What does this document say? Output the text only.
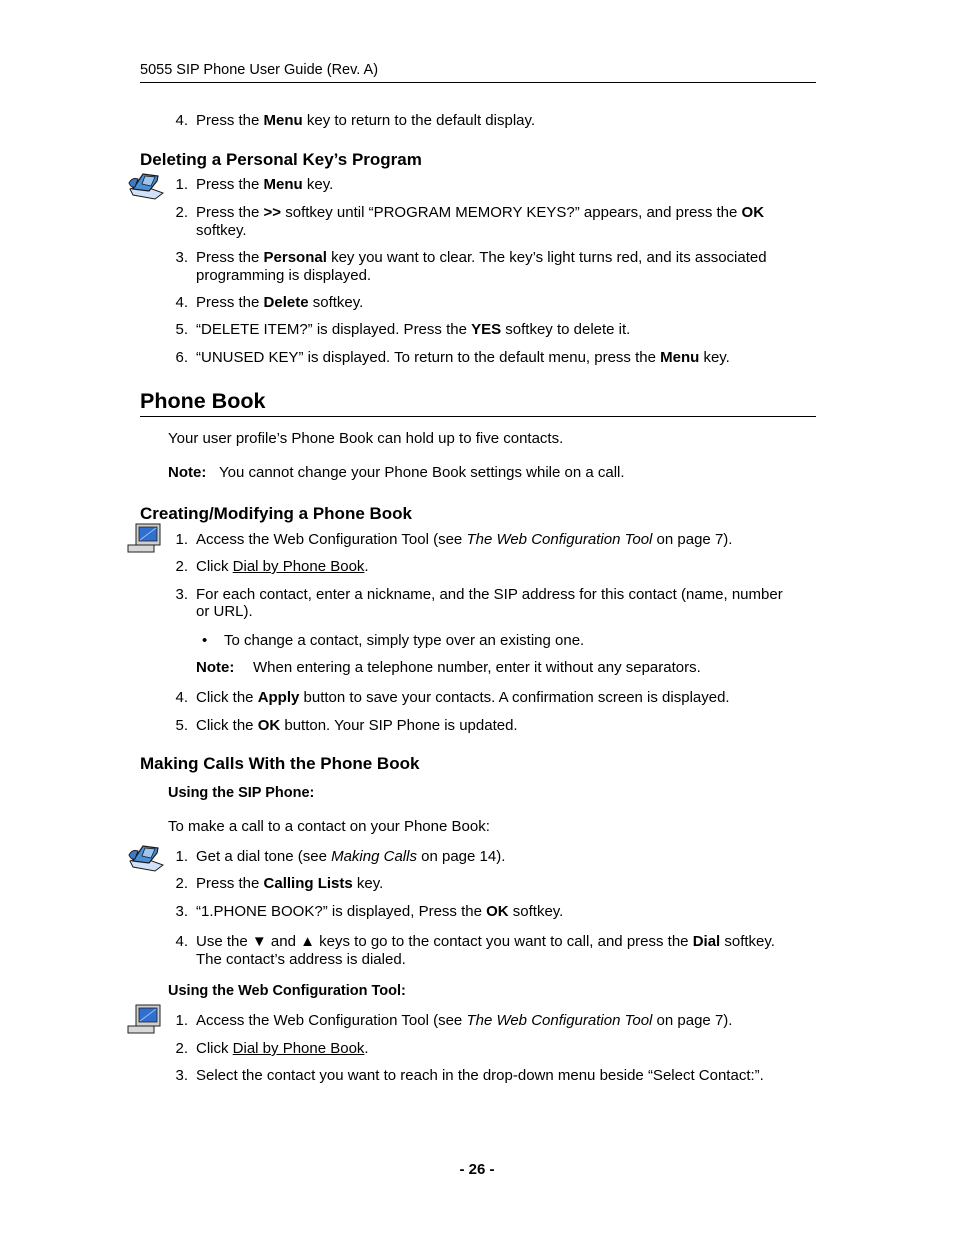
5055 SIP Phone User Guide (Rev. A)
4. Press the Menu key to return to the default display.
Deleting a Personal Key’s Program
1. Press the Menu key.
2. Press the >> softkey until “PROGRAM MEMORY KEYS?” appears, and press the OK
softkey.
3. Press the Personal key you want to clear. The key’s light turns red, and its associated
programming is displayed.
4. Press the Delete softkey.
5. “DELETE ITEM?” is displayed. Press the YES softkey to delete it.
6. “UNUSED KEY” is displayed. To return to the default menu, press the Menu key.
Phone Book
Your user profile’s Phone Book can hold up to five contacts.
Note: You cannot change your Phone Book settings while on a call.
Creating/Modifying a Phone Book
1. Access the Web Configuration Tool (see The Web Configuration Tool on page 7).
2. Click Dial by Phone Book.
3. For each contact, enter a nickname, and the SIP address for this contact (name, number
or URL).
• To change a contact, simply type over an existing one.
Note: When entering a telephone number, enter it without any separators.
4. Click the Apply button to save your contacts. A confirmation screen is displayed.
5. Click the OK button. Your SIP Phone is updated.
Making Calls With the Phone Book
Using the SIP Phone:
To make a call to a contact on your Phone Book:
1. Get a dial tone (see Making Calls on page 14).
2. Press the Calling Lists key.
3. “1.PHONE BOOK?” is displayed, Press the OK softkey.
4. Use the ▼ and ▲ keys to go to the contact you want to call, and press the Dial softkey.
The contact’s address is dialed.
Using the Web Configuration Tool:
1. Access the Web Configuration Tool (see The Web Configuration Tool on page 7).
2. Click Dial by Phone Book.
3. Select the contact you want to reach in the drop-down menu beside “Select Contact:”.
- 26 -
